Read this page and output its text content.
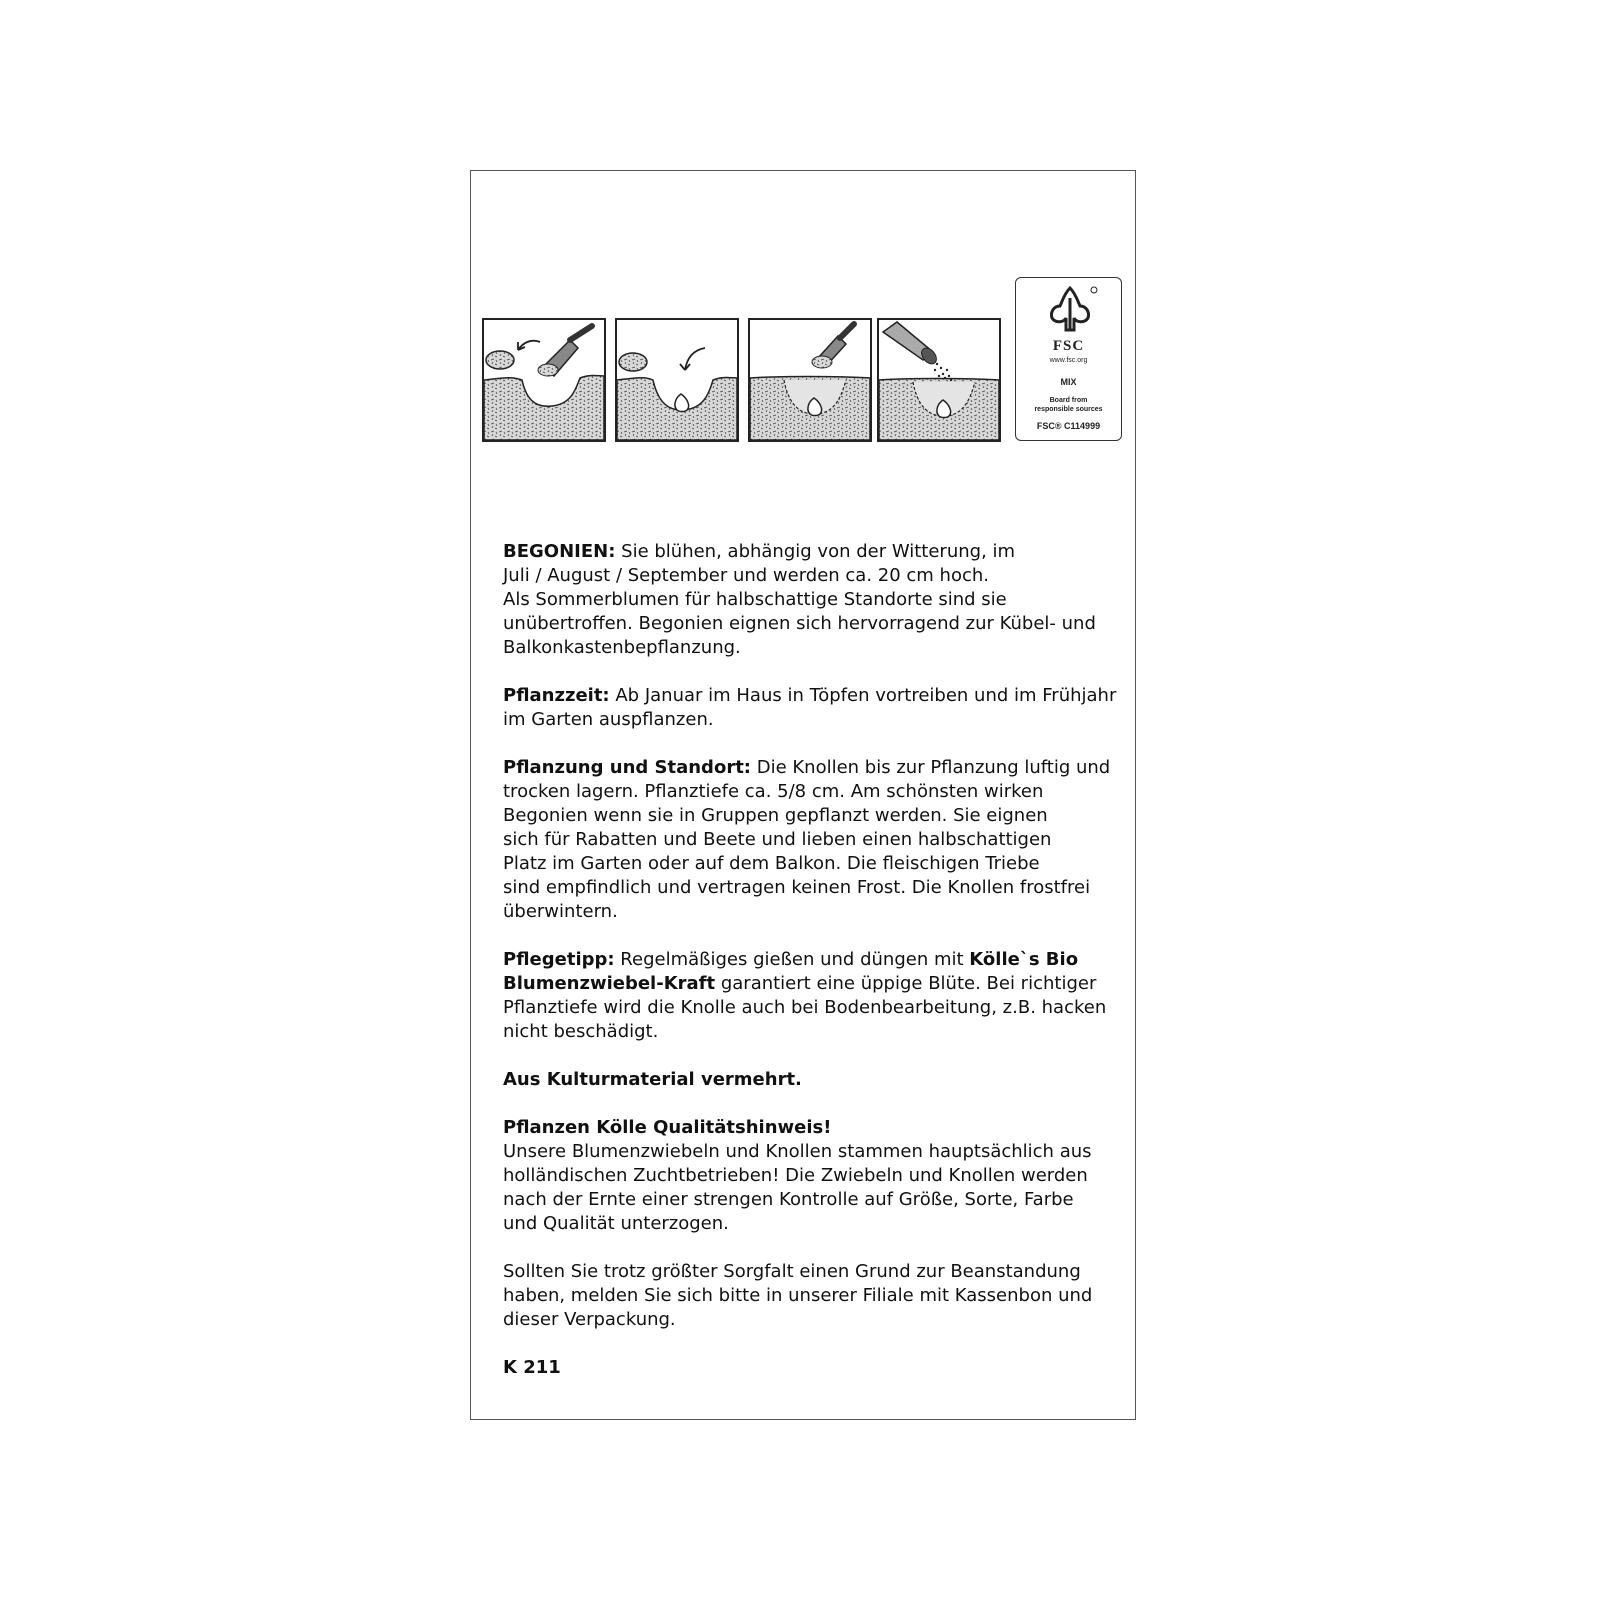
FSC
www.fsc.org
MIX
Board from
responsible sources
FSC® C114999

BEGONIEN: Sie blühen, abhängig von der Witterung, im
Juli / August / September und werden ca. 20 cm hoch.
Als Sommerblumen für halbschattige Standorte sind sie
unübertroffen. Begonien eignen sich hervorragend zur Kübel- und
Balkonkastenbepflanzung.

Pflanzzeit: Ab Januar im Haus in Töpfen vortreiben und im Frühjahr
im Garten auspflanzen.

Pflanzung und Standort: Die Knollen bis zur Pflanzung luftig und
trocken lagern. Pflanztiefe ca. 5/8 cm. Am schönsten wirken
Begonien wenn sie in Gruppen gepflanzt werden. Sie eignen
sich für Rabatten und Beete und lieben einen halbschattigen
Platz im Garten oder auf dem Balkon. Die fleischigen Triebe
sind empfindlich und vertragen keinen Frost. Die Knollen frostfrei
überwintern.

Pflegetipp: Regelmäßiges gießen und düngen mit Kölle`s Bio
Blumenzwiebel-Kraft garantiert eine üppige Blüte. Bei richtiger
Pflanztiefe wird die Knolle auch bei Bodenbearbeitung, z.B. hacken
nicht beschädigt.

Aus Kulturmaterial vermehrt.

Pflanzen Kölle Qualitätshinweis!
Unsere Blumenzwiebeln und Knollen stammen hauptsächlich aus
holländischen Zuchtbetrieben! Die Zwiebeln und Knollen werden
nach der Ernte einer strengen Kontrolle auf Größe, Sorte, Farbe
und Qualität unterzogen.

Sollten Sie trotz größter Sorgfalt einen Grund zur Beanstandung
haben, melden Sie sich bitte in unserer Filiale mit Kassenbon und
dieser Verpackung.

K 211
